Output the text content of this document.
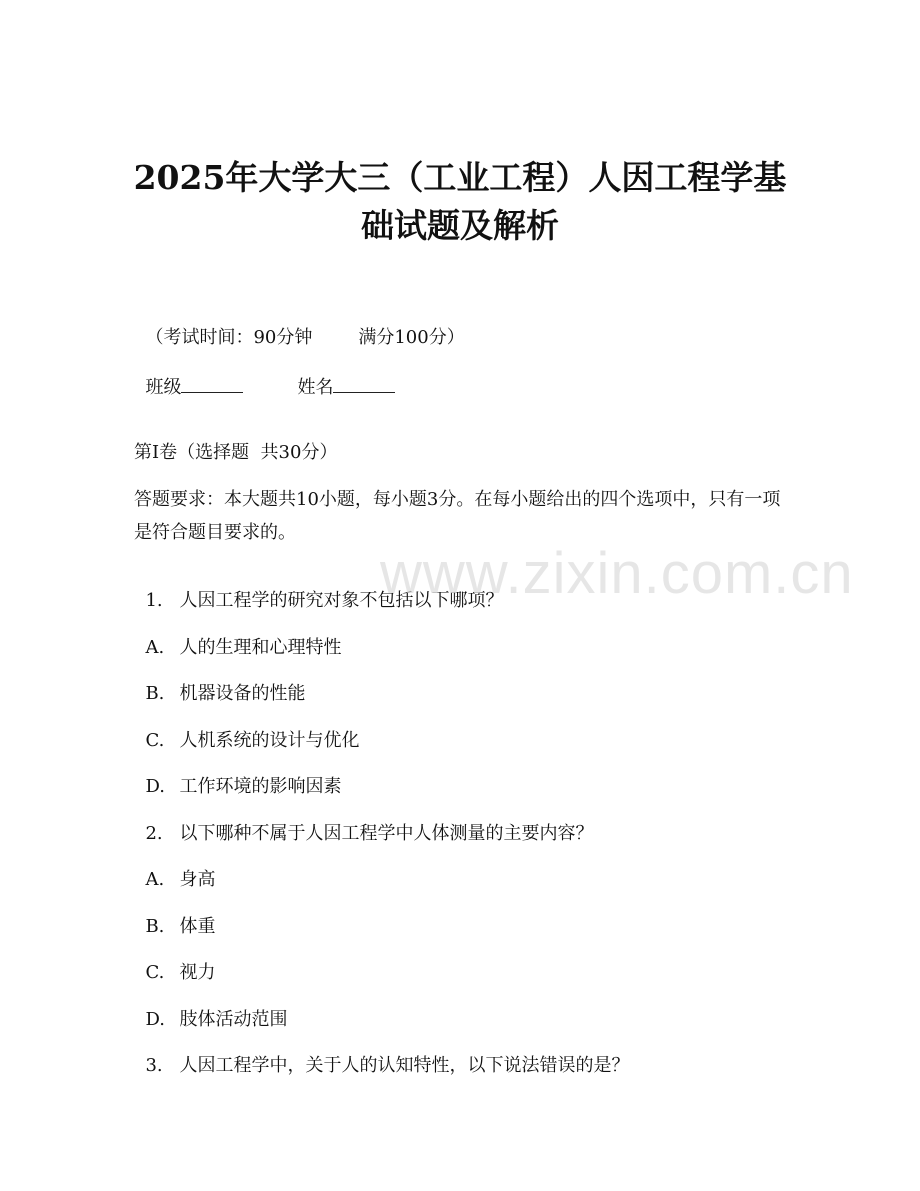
2025年大学大三（工业工程）人因工程学基
础试题及解析

（考试时间：90分钟	满分100分）

班级	姓名

第I卷（选择题  共30分）
答题要求：本大题共10小题，每小题3分。在每小题给出的四个选项中，只有一项是符合题目要求的。

1. 人因工程学的研究对象不包括以下哪项？

A. 人的生理和心理特性

B. 机器设备的性能

C. 人机系统的设计与优化

D. 工作环境的影响因素

2. 以下哪种不属于人因工程学中人体测量的主要内容？

A. 身高

B. 体重

C. 视力

D. 肢体活动范围

3. 人因工程学中，关于人的认知特性，以下说法错误的是？

www.zixin.com.cn
